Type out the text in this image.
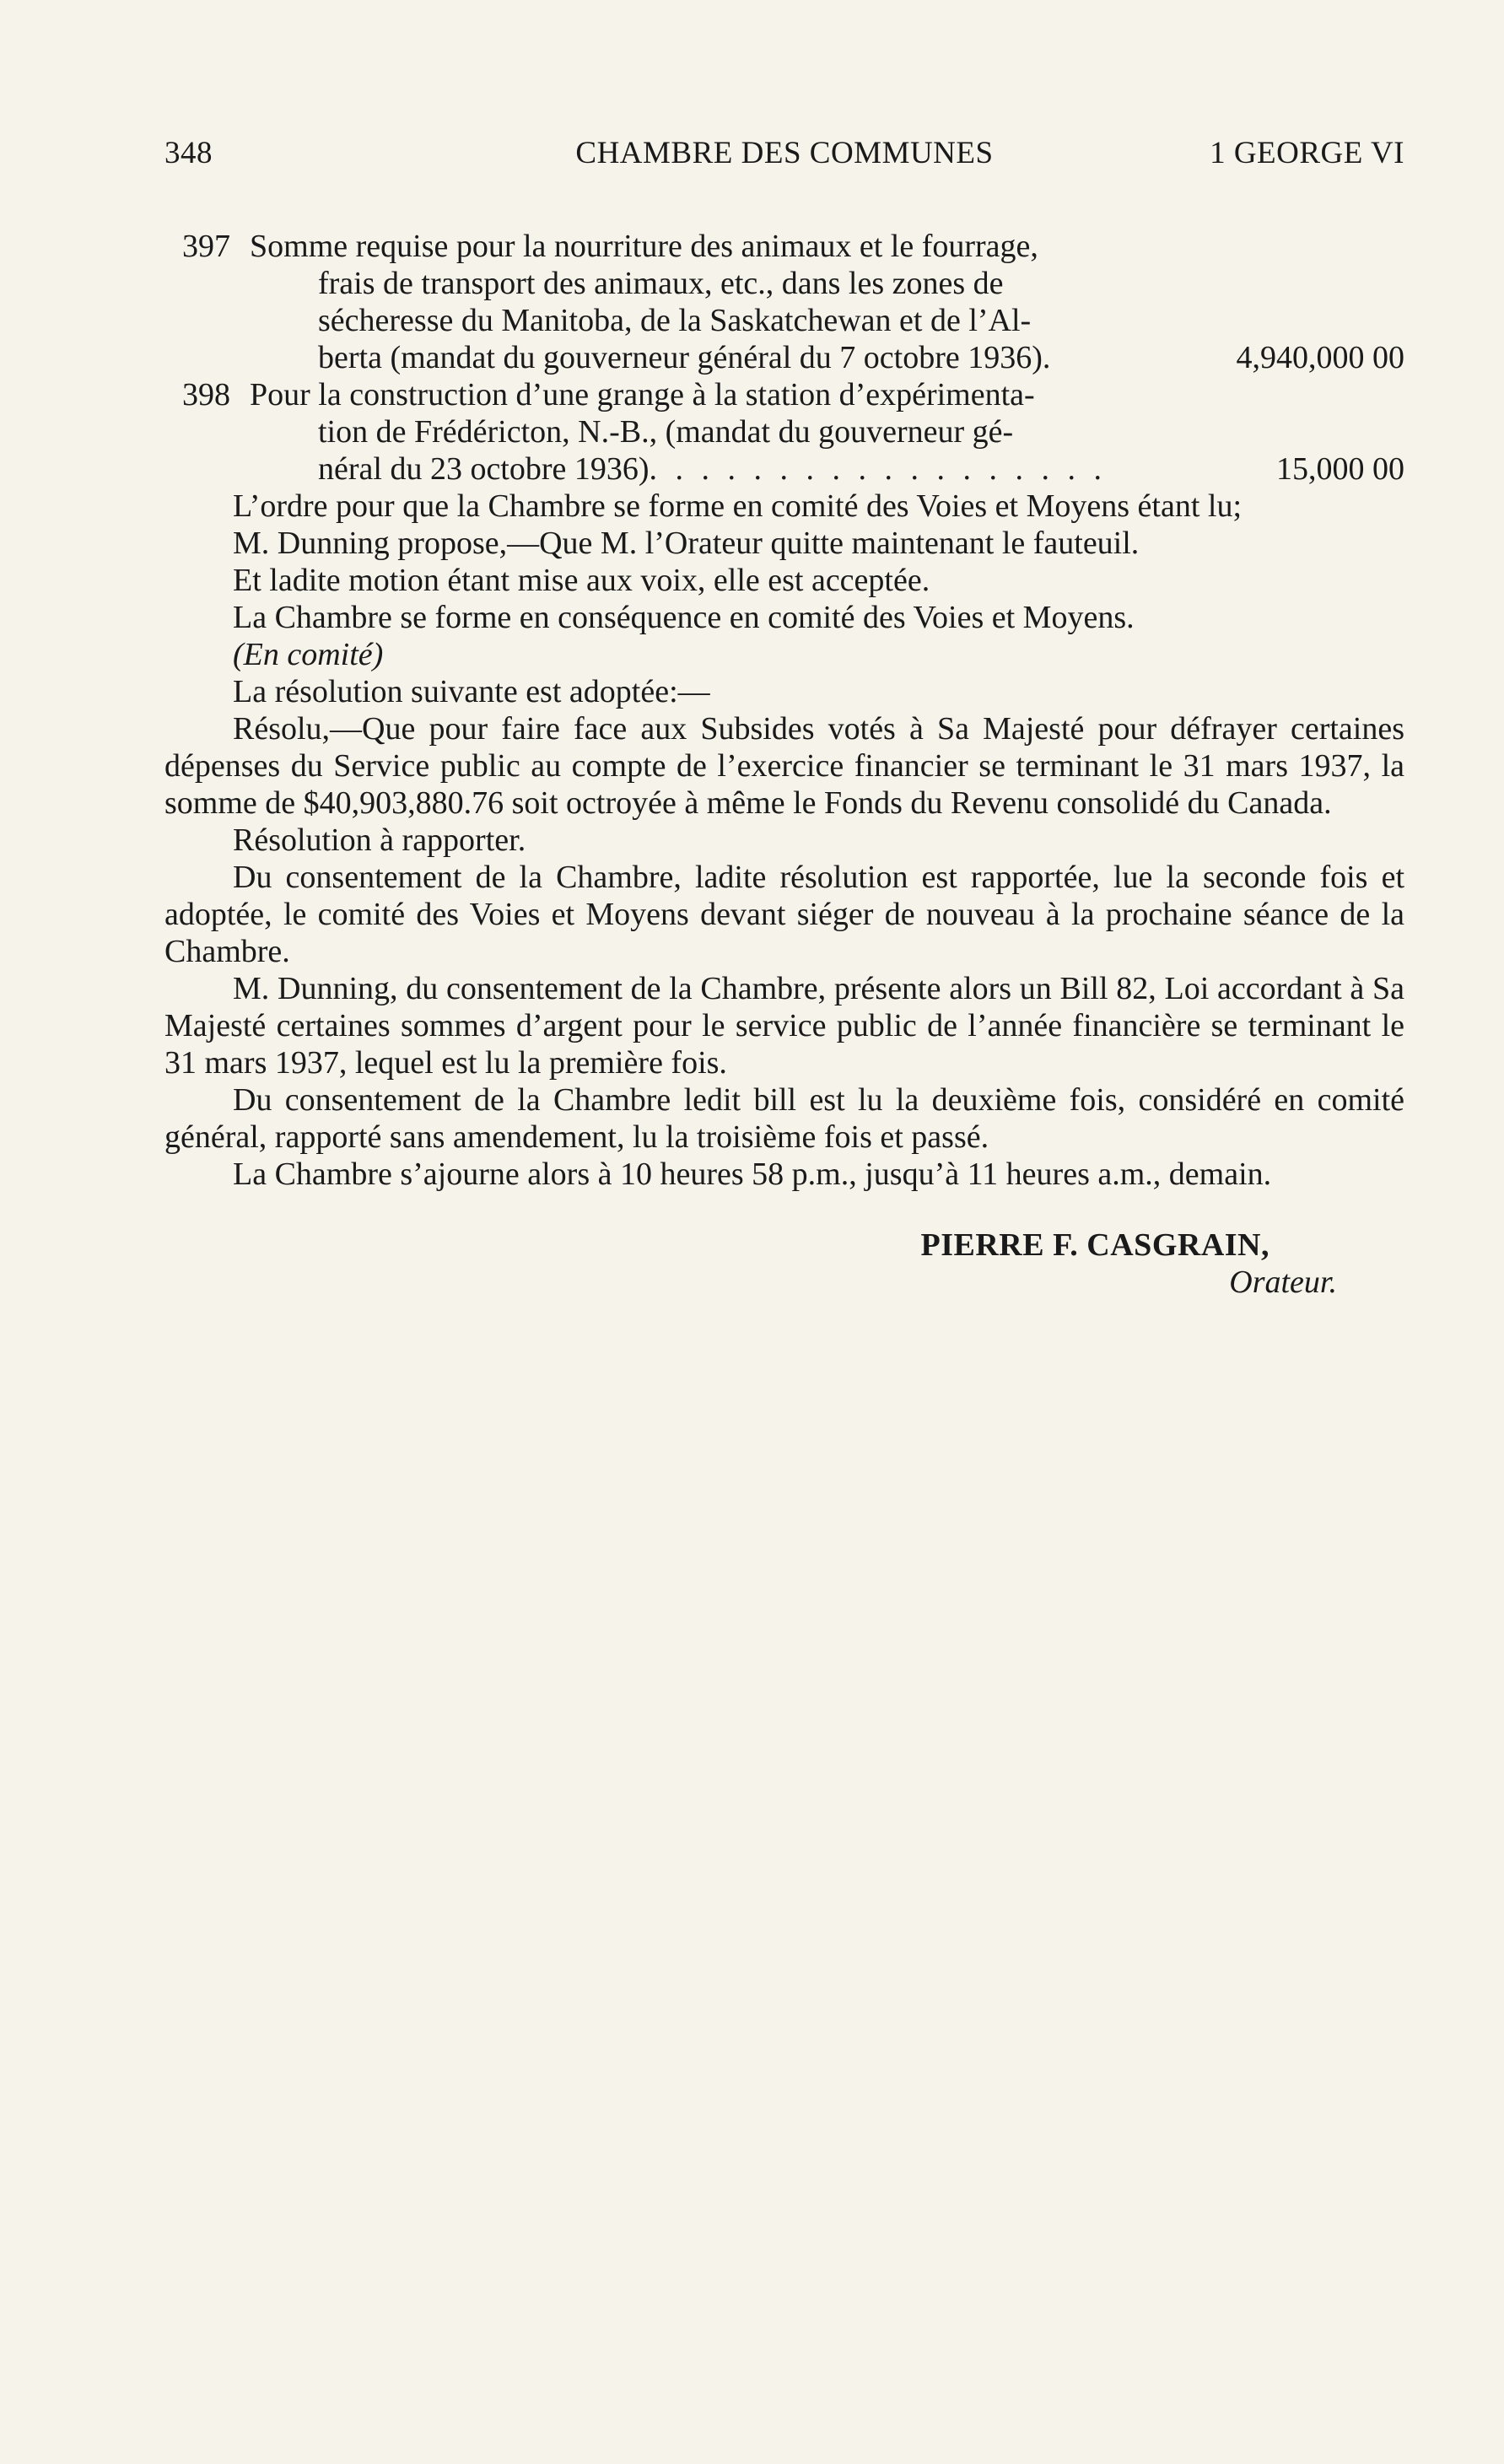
348	CHAMBRE DES COMMUNES	1 GEORGE VI
397 Somme requise pour la nourriture des animaux et le fourrage,
frais de transport des animaux, etc., dans les zones de
sécheresse du Manitoba, de la Saskatchewan et de l’Al-
berta (mandat du gouverneur général du 7 octobre 1936).	4,940,000 00
398 Pour la construction d’une grange à la station d’expérimenta-
tion de Frédéricton, N.-B., (mandat du gouverneur gé-
néral du 23 octobre 1936). . . . . . . . . . . . . . . . . .	15,000 00

L’ordre pour que la Chambre se forme en comité des Voies et Moyens étant lu;

M. Dunning propose,—Que M. l’Orateur quitte maintenant le fauteuil.

Et ladite motion étant mise aux voix, elle est acceptée.

La Chambre se forme en conséquence en comité des Voies et Moyens.

(En comité)

La résolution suivante est adoptée:—

Résolu,—Que pour faire face aux Subsides votés à Sa Majesté pour défrayer certaines dépenses du Service public au compte de l’exercice financier se terminant le 31 mars 1937, la somme de $40,903,880.76 soit octroyée à même le Fonds du Revenu consolidé du Canada.

Résolution à rapporter.

Du consentement de la Chambre, ladite résolution est rapportée, lue la seconde fois et adoptée, le comité des Voies et Moyens devant siéger de nouveau à la prochaine séance de la Chambre.

M. Dunning, du consentement de la Chambre, présente alors un Bill 82, Loi accordant à Sa Majesté certaines sommes d’argent pour le service public de l’année financière se terminant le 31 mars 1937, lequel est lu la première fois.

Du consentement de la Chambre ledit bill est lu la deuxième fois, considéré en comité général, rapporté sans amendement, lu la troisième fois et passé.

La Chambre s’ajourne alors à 10 heures 58 p.m., jusqu’à 11 heures a.m., demain.

PIERRE F. CASGRAIN,
Orateur.
